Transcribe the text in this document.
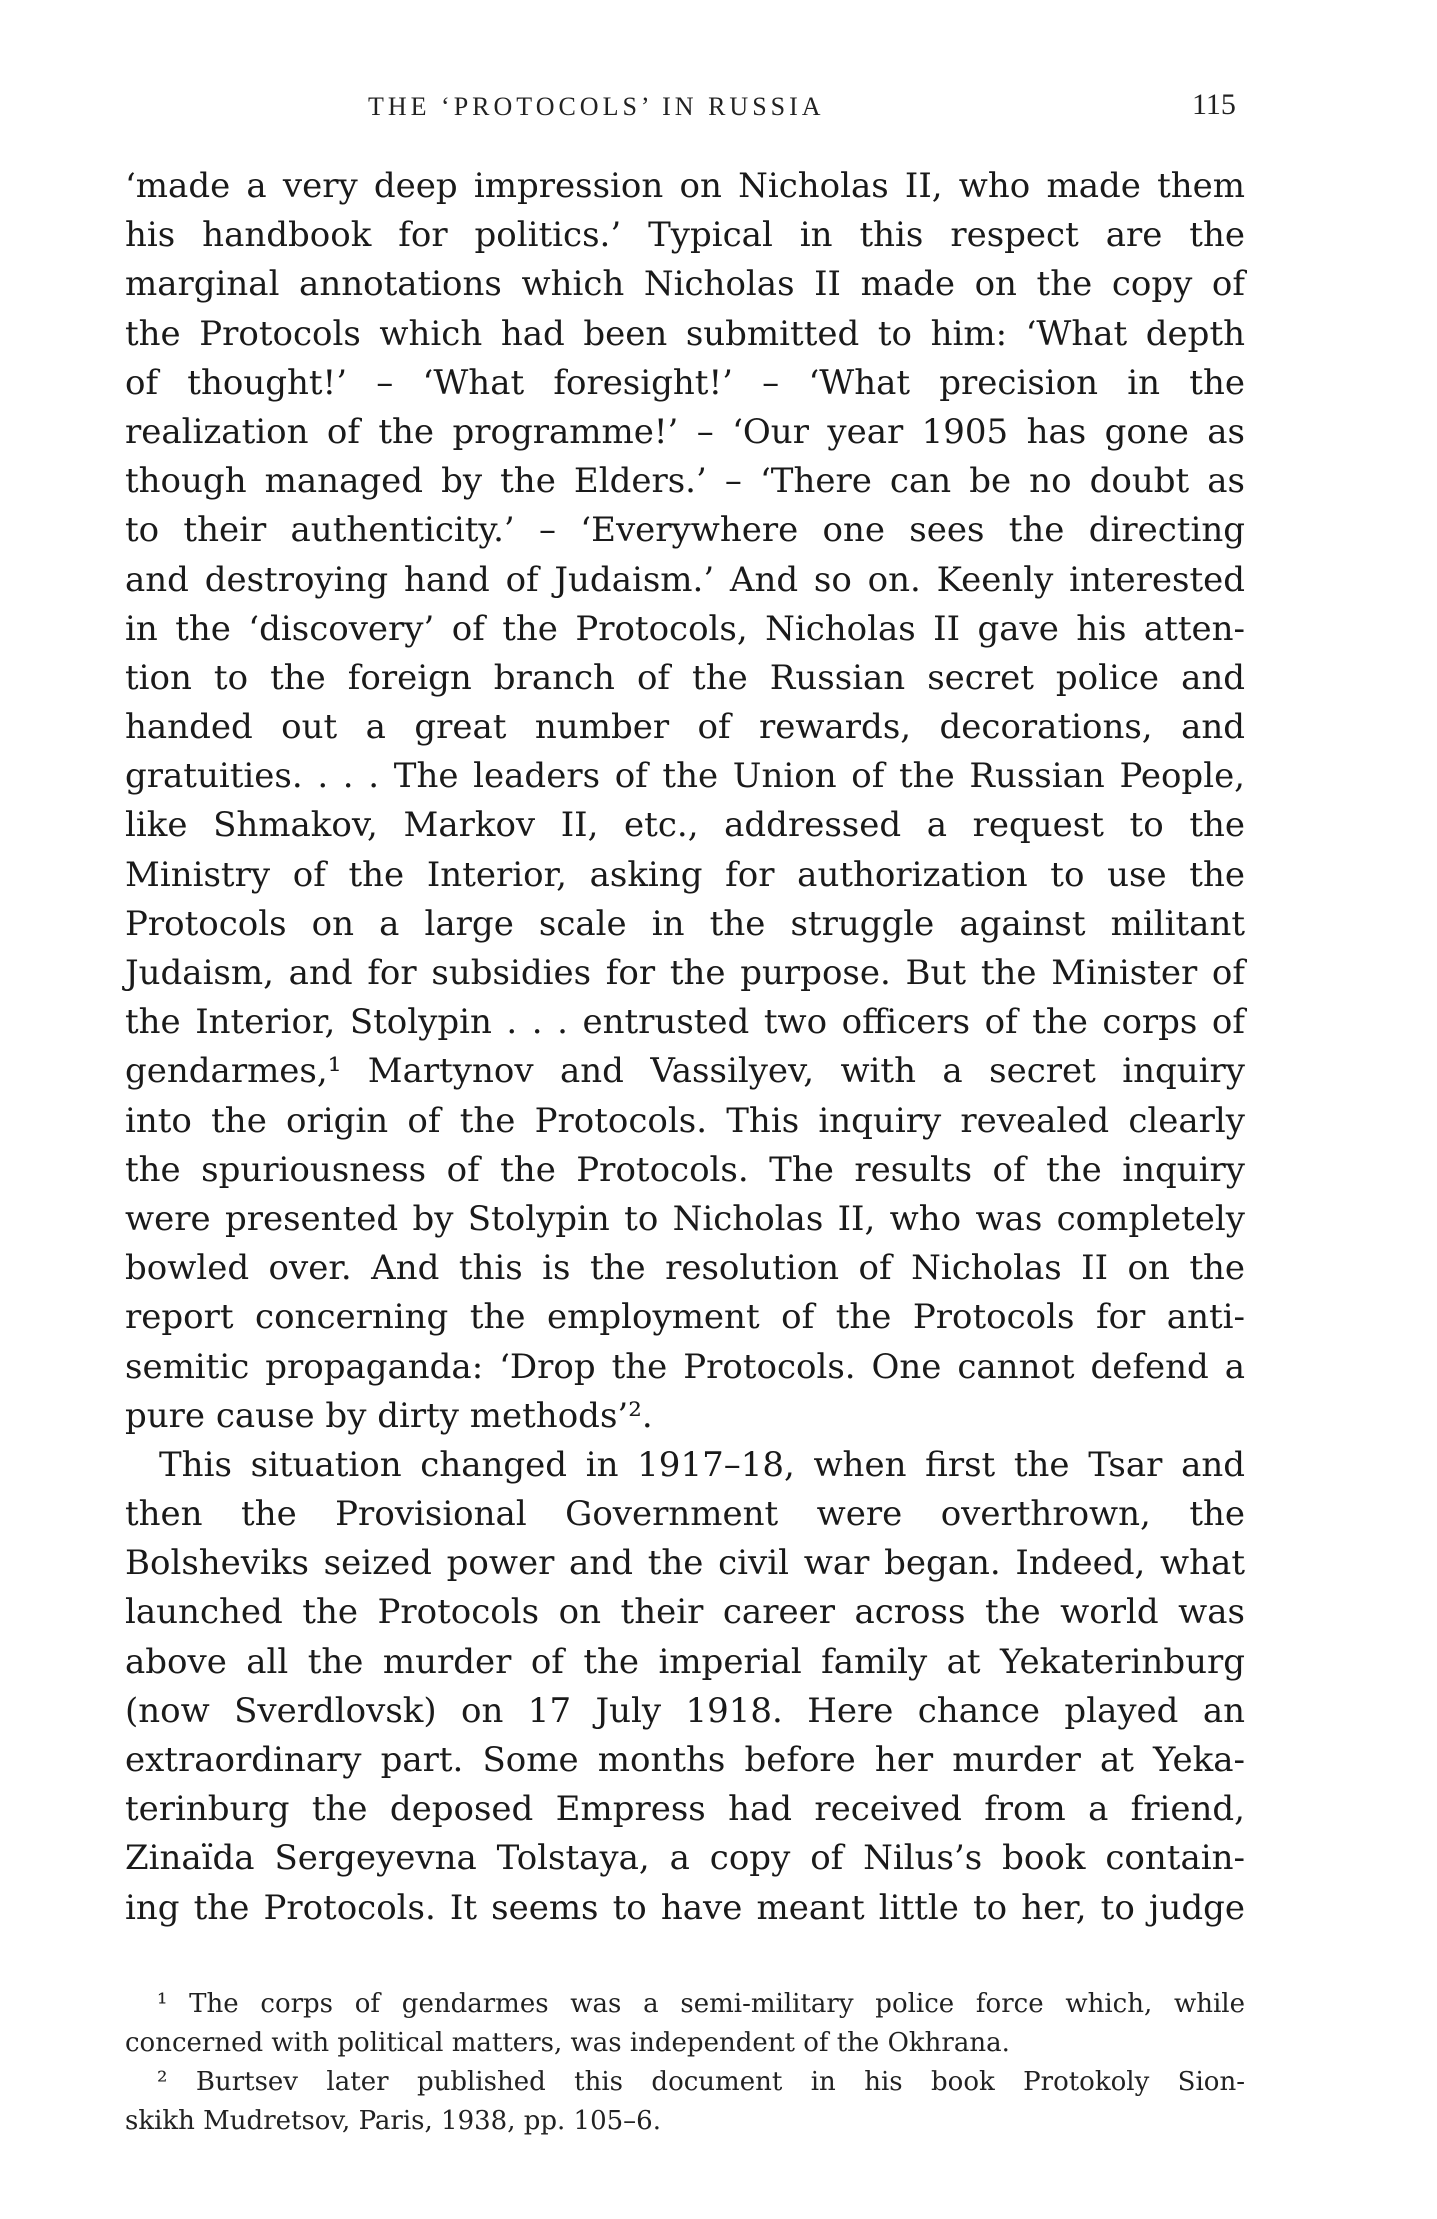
THE ‘PROTOCOLS’ IN RUSSIA	115
‘made a very deep impression on Nicholas II, who made them
his handbook for politics.’ Typical in this respect are the
marginal annotations which Nicholas II made on the copy of
the Protocols which had been submitted to him: ‘What depth
of thought!’ – ‘What foresight!’ – ‘What precision in the
realization of the programme!’ – ‘Our year 1905 has gone as
though managed by the Elders.’ – ‘There can be no doubt as
to their authenticity.’ – ‘Everywhere one sees the directing
and destroying hand of Judaism.’ And so on. Keenly interested
in the ‘discovery’ of the Protocols, Nicholas II gave his atten-
tion to the foreign branch of the Russian secret police and
handed out a great number of rewards, decorations, and
gratuities. . . . The leaders of the Union of the Russian People,
like Shmakov, Markov II, etc., addressed a request to the
Ministry of the Interior, asking for authorization to use the
Protocols on a large scale in the struggle against militant
Judaism, and for subsidies for the purpose. But the Minister of
the Interior, Stolypin . . . entrusted two officers of the corps of
gendarmes,¹ Martynov and Vassilyev, with a secret inquiry
into the origin of the Protocols. This inquiry revealed clearly
the spuriousness of the Protocols. The results of the inquiry
were presented by Stolypin to Nicholas II, who was completely
bowled over. And this is the resolution of Nicholas II on the
report concerning the employment of the Protocols for anti-
semitic propaganda: ‘Drop the Protocols. One cannot defend a
pure cause by dirty methods’².
This situation changed in 1917–18, when first the Tsar and
then the Provisional Government were overthrown, the
Bolsheviks seized power and the civil war began. Indeed, what
launched the Protocols on their career across the world was
above all the murder of the imperial family at Yekaterinburg
(now Sverdlovsk) on 17 July 1918. Here chance played an
extraordinary part. Some months before her murder at Yeka-
terinburg the deposed Empress had received from a friend,
Zinaïda Sergeyevna Tolstaya, a copy of Nilus’s book contain-
ing the Protocols. It seems to have meant little to her, to judge
¹ The corps of gendarmes was a semi-military police force which, while
concerned with political matters, was independent of the Okhrana.
² Burtsev later published this document in his book Protokoly Sion-
skikh Mudretsov, Paris, 1938, pp. 105–6.
